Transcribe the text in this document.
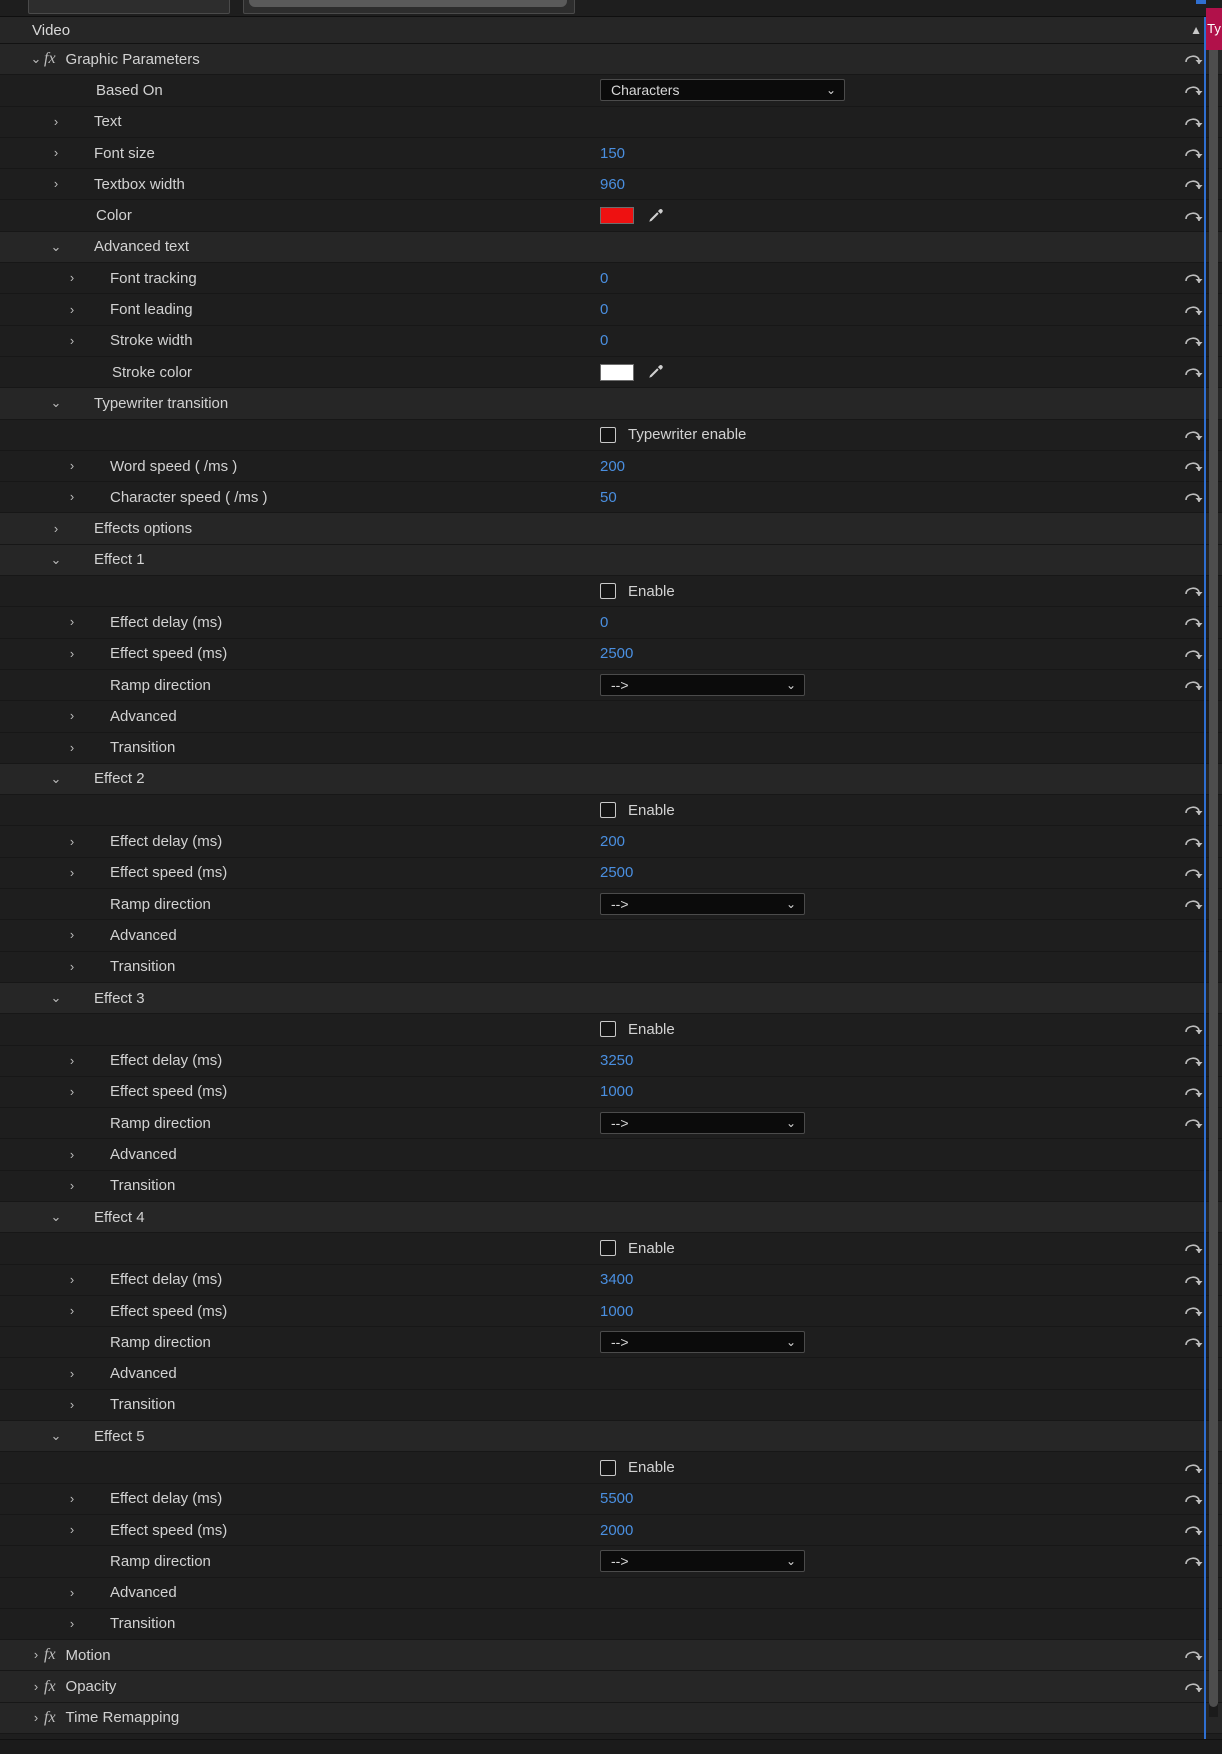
Video	▲
⌄ fx Graphic Parameters
Based On	Characters	⌄
›	Text
›	Font size	150
›	Textbox width	960
Color
⌄ Advanced text
›	Font tracking	0
›	Font leading	0
›	Stroke width	0
Stroke color
⌄ Typewriter transition
Typewriter enable
›	Word speed ( /ms )	200
›	Character speed ( /ms )	50
›	Effects options
⌄ Effect 1
Enable
›	Effect delay (ms)	0
›	Effect speed (ms)	2500
Ramp direction	-->	⌄
›	Advanced
›	Transition
⌄ Effect 2
Enable
›	Effect delay (ms)	200
›	Effect speed (ms)	2500
Ramp direction	-->	⌄
›	Advanced
›	Transition
⌄ Effect 3
Enable
›	Effect delay (ms)	3250
›	Effect speed (ms)	1000
Ramp direction	-->	⌄
›	Advanced
›	Transition
⌄ Effect 4
Enable
›	Effect delay (ms)	3400
›	Effect speed (ms)	1000
Ramp direction	-->	⌄
›	Advanced
›	Transition
⌄ Effect 5
Enable
›	Effect delay (ms)	5500
›	Effect speed (ms)	2000
Ramp direction	-->	⌄
›	Advanced
›	Transition
› fx Motion
› fx Opacity
› fx Time Remapping
Ty
